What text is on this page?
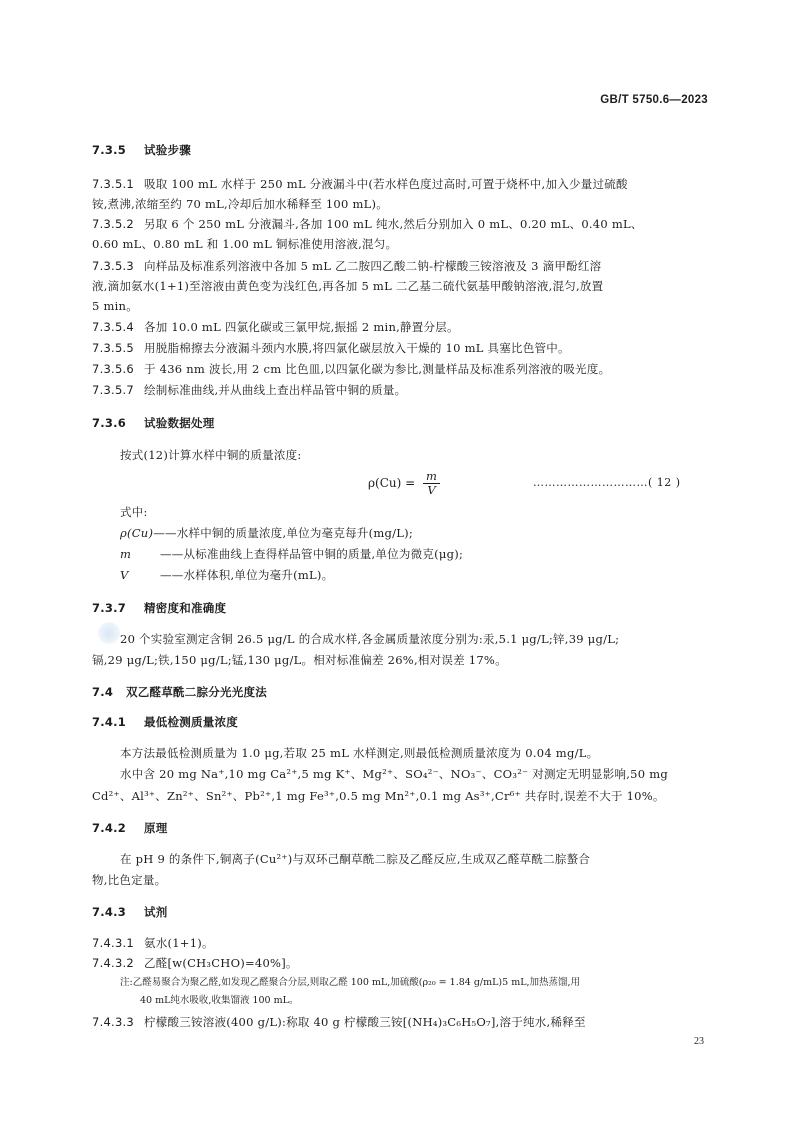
GB/T 5750.6—2023
7.3.5 试验步骤
7.3.5.1 吸取 100 mL 水样于 250 mL 分液漏斗中(若水样色度过高时,可置于烧杯中,加入少量过硫酸
铵,煮沸,浓缩至约 70 mL,冷却后加水稀释至 100 mL)。
7.3.5.2 另取 6 个 250 mL 分液漏斗,各加 100 mL 纯水,然后分别加入 0 mL、0.20 mL、0.40 mL、
0.60 mL、0.80 mL 和 1.00 mL 铜标准使用溶液,混匀。
7.3.5.3 向样品及标准系列溶液中各加 5 mL 乙二胺四乙酸二钠-柠檬酸三铵溶液及 3 滴甲酚红溶
液,滴加氨水(1+1)至溶液由黄色变为浅红色,再各加 5 mL 二乙基二硫代氨基甲酸钠溶液,混匀,放置
5 min。
7.3.5.4 各加 10.0 mL 四氯化碳或三氯甲烷,振摇 2 min,静置分层。
7.3.5.5 用脱脂棉擦去分液漏斗颈内水膜,将四氯化碳层放入干燥的 10 mL 具塞比色管中。
7.3.5.6 于 436 nm 波长,用 2 cm 比色皿,以四氯化碳为参比,测量样品及标准系列溶液的吸光度。
7.3.5.7 绘制标准曲线,并从曲线上查出样品管中铜的质量。
7.3.6 试验数据处理
按式(12)计算水样中铜的质量浓度:
$\rho(Cu) = \frac{m}{V}$	…………………………( 12 )
式中:
ρ(Cu)——水样中铜的质量浓度,单位为毫克每升(mg/L);
m	——从标准曲线上查得样品管中铜的质量,单位为微克(μg);
V	——水样体积,单位为毫升(mL)。
7.3.7 精密度和准确度
20 个实验室测定含铜 26.5 μg/L 的合成水样,各金属质量浓度分别为:汞,5.1 μg/L;锌,39 μg/L;
镉,29 μg/L;铁,150 μg/L;锰,130 μg/L。相对标准偏差 26%,相对误差 17%。
7.4 双乙醛草酰二腙分光光度法
7.4.1 最低检测质量浓度
本方法最低检测质量为 1.0 μg,若取 25 mL 水样测定,则最低检测质量浓度为 0.04 mg/L。
水中含 20 mg Na⁺,10 mg Ca²⁺,5 mg K⁺、Mg²⁺、SO₄²⁻、NO₃⁻、CO₃²⁻ 对测定无明显影响,50 mg
Cd²⁺、Al³⁺、Zn²⁺、Sn²⁺、Pb²⁺,1 mg Fe³⁺,0.5 mg Mn²⁺,0.1 mg As³⁺,Cr⁶⁺ 共存时,误差不大于 10%。
7.4.2 原理
在 pH 9 的条件下,铜离子(Cu²⁺)与双环己酮草酰二腙及乙醛反应,生成双乙醛草酰二腙螯合
物,比色定量。
7.4.3 试剂
7.4.3.1 氨水(1+1)。
7.4.3.2 乙醛[w(CH₃CHO)=40%]。
注:乙醛易聚合为聚乙醛,如发现乙醛聚合分层,则取乙醛 100 mL,加硫酸(ρ₂₀ = 1.84 g/mL)5 mL,加热蒸馏,用
40 mL纯水吸收,收集馏液 100 mL。
7.4.3.3 柠檬酸三铵溶液(400 g/L):称取 40 g 柠檬酸三铵[(NH₄)₃C₆H₅O₇],溶于纯水,稀释至
23
